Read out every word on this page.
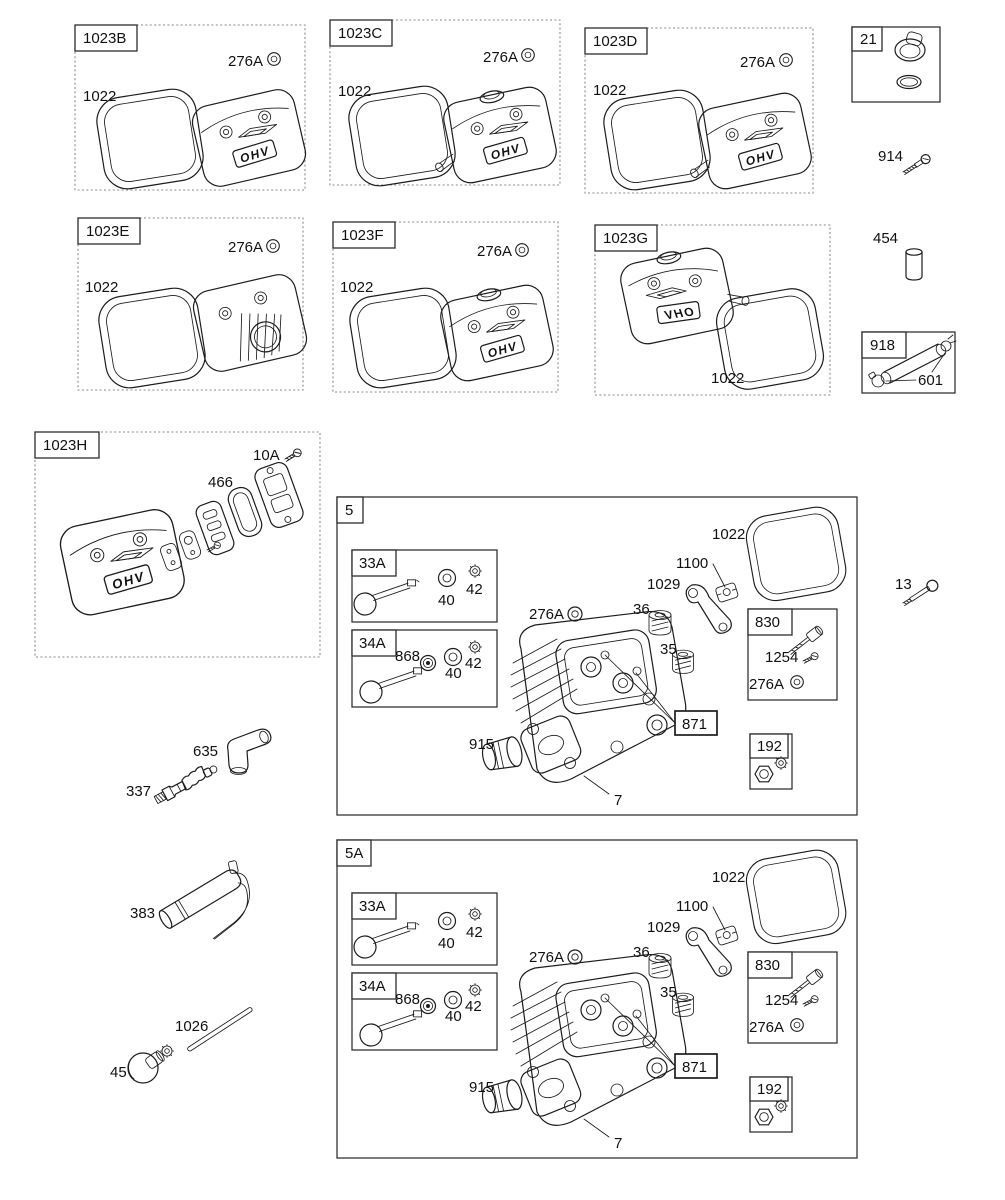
OHV
1023B
276A
1022
1023C
276A
1022
1023D
276A
1022
21
914
1023E
276A
1022
1023F
276A
1022
1023G
1022
454
918
601
1023H
10A
466
635
337
383
1026
45
13
5
33A
40
42
34A
868
40
42
276A
1022
1100
1029
36
35
830
1254
276A
871
192
915
7
5A
33A
40
42
34A
868
40
42
276A
1022
1100
1029
36
35
830
1254
276A
871
192
915
7
